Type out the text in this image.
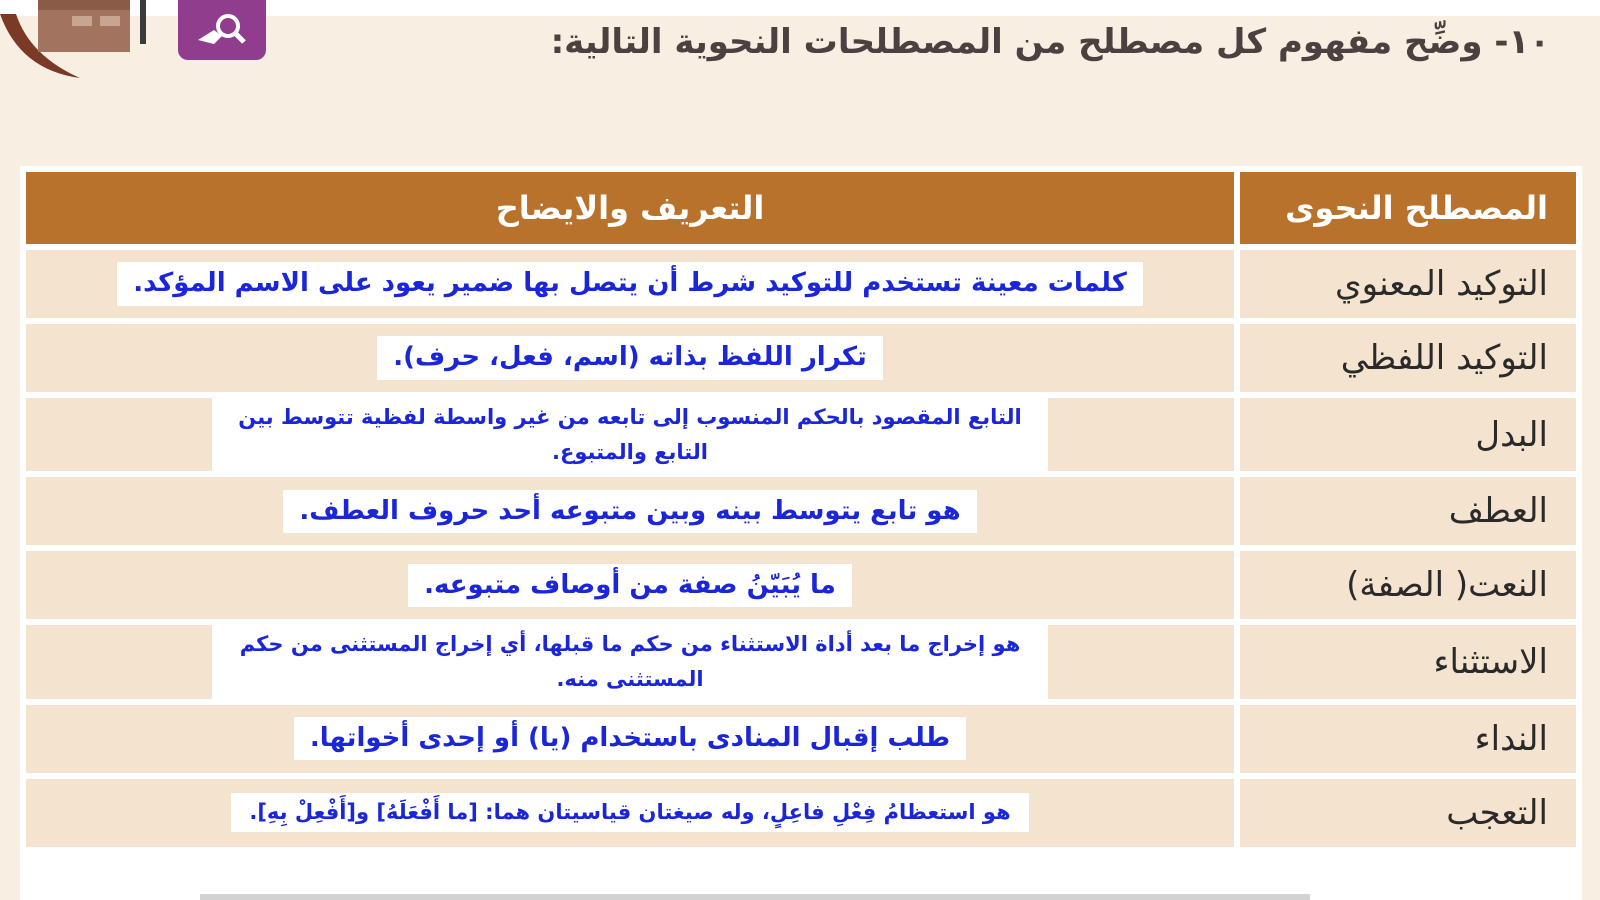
١٠- وضِّح مفهوم كل مصطلح من المصطلحات النحوية التالية:
المصطلح النحوى	التعريف والايضاح
التوكيد المعنوي	كلمات معينة تستخدم للتوكيد شرط أن يتصل بها ضمير يعود على الاسم المؤكد.
التوكيد اللفظي	تكرار اللفظ بذاته (اسم، فعل، حرف).
البدل	التابع المقصود بالحكم المنسوب إلى تابعه من غير واسطة لفظية تتوسط بين التابع والمتبوع.
العطف	هو تابع يتوسط بينه وبين متبوعه أحد حروف العطف.
النعت( الصفة)	ما يُبَيّنُ صفة من أوصاف متبوعه.
الاستثناء	هو إخراج ما بعد أداة الاستثناء من حكم ما قبلها، أي إخراج المستثنى من حكم المستثنى منه.
النداء	طلب إقبال المنادى باستخدام (يا) أو إحدى أخواتها.
التعجب	هو استعظامُ فِعْلِ فاعِلٍ، وله صيغتان قياسيتان هما: [ما أَفْعَلَهُ] و[أَفْعِلْ بِهِ].
